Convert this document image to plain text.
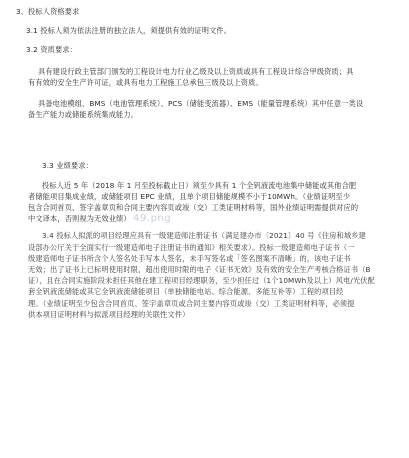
3、投标人资格要求
3.1 投标人须为依法注册的独立法人，须提供有效的证明文件。
3.2 资质要求：
具有建设行政主管部门颁发的工程设计电力行业乙级及以上资质或具有工程设计综合甲级资质；具
有有效的安全生产许可证，或具有电力工程施工总承包三级及以上资质。
具备电池模组、BMS（电池管理系统）、PCS（储能变流器）、EMS（能量管理系统）其中任意一类设
备生产能力或储能系统集成能力。
3.3 业绩要求：
投标人近 5 年（2018 年 1 月至投标截止日）须至少具有 1 个全钒液流电池集中储能或其他合肥
者储能项目集成业绩，或储能项目 EPC 业绩，且单个项目储能规模不小于10MWh。（业绩证明至少
包含合同首页、签字盖章页和合同主要内容页或竣（交）工类证明材料等，国外业绩证明需提供对应的
中文译本，否则视为无效业绩） 49.png
3.4 投标人拟派的项目经理应具有一级建造师注册证书（满足建办市〔2021〕40 号《住房和城乡建
设部办公厅关于全面实行一级建造师电子注册证书的通知》相关要求）。投标一级建造师电子证书（一
级建造师电子证书所含个人签名处手写本人签名，未手写签名或「签名图案不清晰」的，该电子证书
无效；出了证书上已标明使用时限，超出使用时限的电子《证书无效》及有效的安全生产考核合格证书（B
证），且在合同实施阶段未担任其他在建工程项目经理职务，至少担任过（1个10MWh及以上）风电/光伏配
套全钒液流储能或其它全钒液流储能项目（单独储能电站、综合能源、多能互补等）工程的项目经
理。（业绩证明至少包含合同首页、签字盖章页或合同主要内容页或竣（交）工类证明材料等，必须提
供本项目证明材料与拟派项目经理的关联性文件）
